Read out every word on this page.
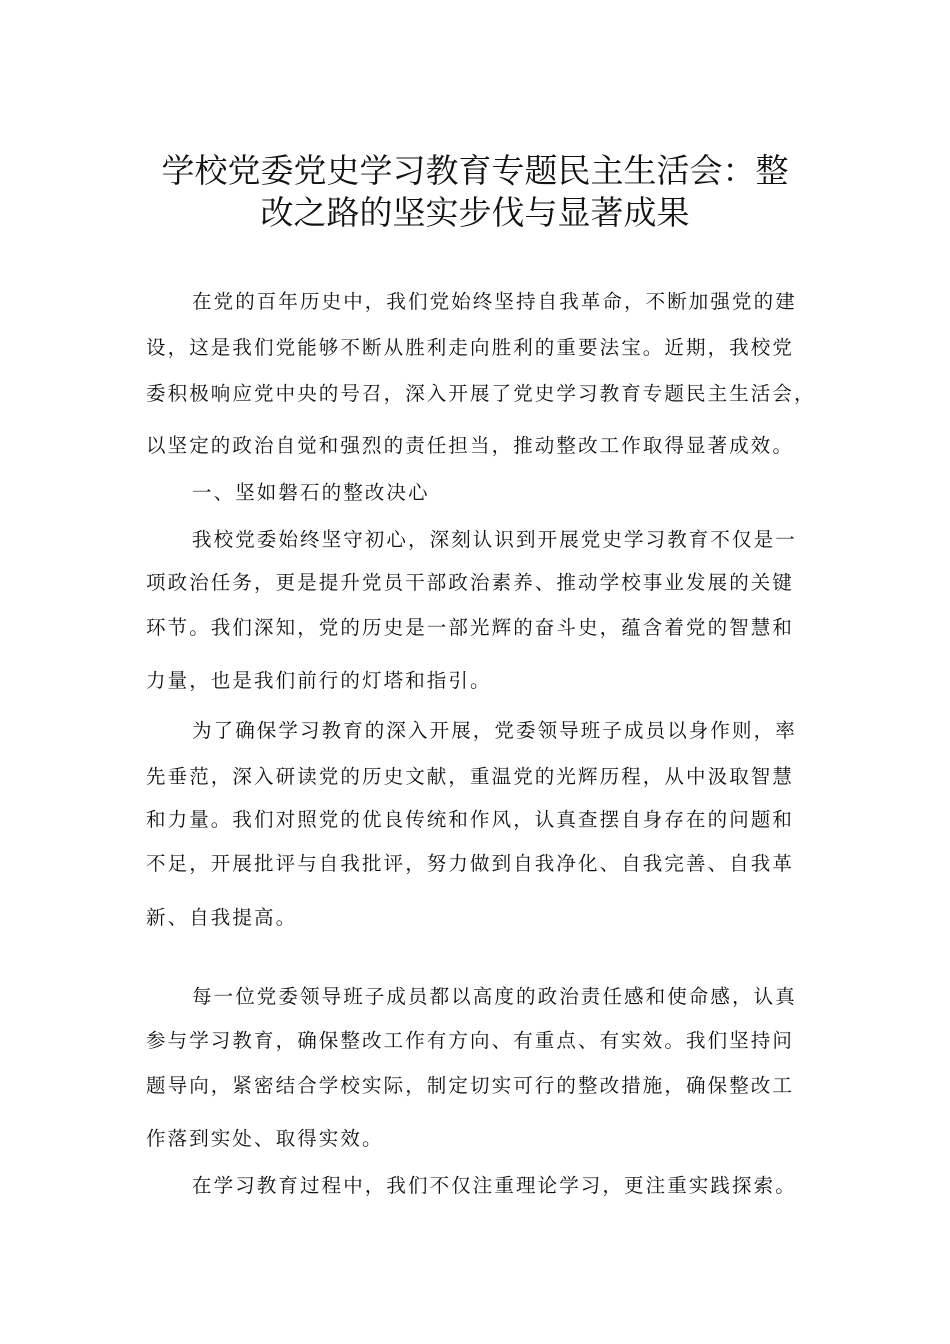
学校党委党史学习教育专题民主生活会：整
改之路的坚实步伐与显著成果
在党的百年历史中，我们党始终坚持自我革命，不断加强党的建
设，这是我们党能够不断从胜利走向胜利的重要法宝。近期，我校党
委积极响应党中央的号召，深入开展了党史学习教育专题民主生活会，
以坚定的政治自觉和强烈的责任担当，推动整改工作取得显著成效。
一、坚如磐石的整改决心
我校党委始终坚守初心，深刻认识到开展党史学习教育不仅是一
项政治任务，更是提升党员干部政治素养、推动学校事业发展的关键
环节。我们深知，党的历史是一部光辉的奋斗史，蕴含着党的智慧和
力量，也是我们前行的灯塔和指引。
为了确保学习教育的深入开展，党委领导班子成员以身作则，率
先垂范，深入研读党的历史文献，重温党的光辉历程，从中汲取智慧
和力量。我们对照党的优良传统和作风，认真查摆自身存在的问题和
不足，开展批评与自我批评，努力做到自我净化、自我完善、自我革
新、自我提高。
每一位党委领导班子成员都以高度的政治责任感和使命感，认真
参与学习教育，确保整改工作有方向、有重点、有实效。我们坚持问
题导向，紧密结合学校实际，制定切实可行的整改措施，确保整改工
作落到实处、取得实效。
在学习教育过程中，我们不仅注重理论学习，更注重实践探索。
